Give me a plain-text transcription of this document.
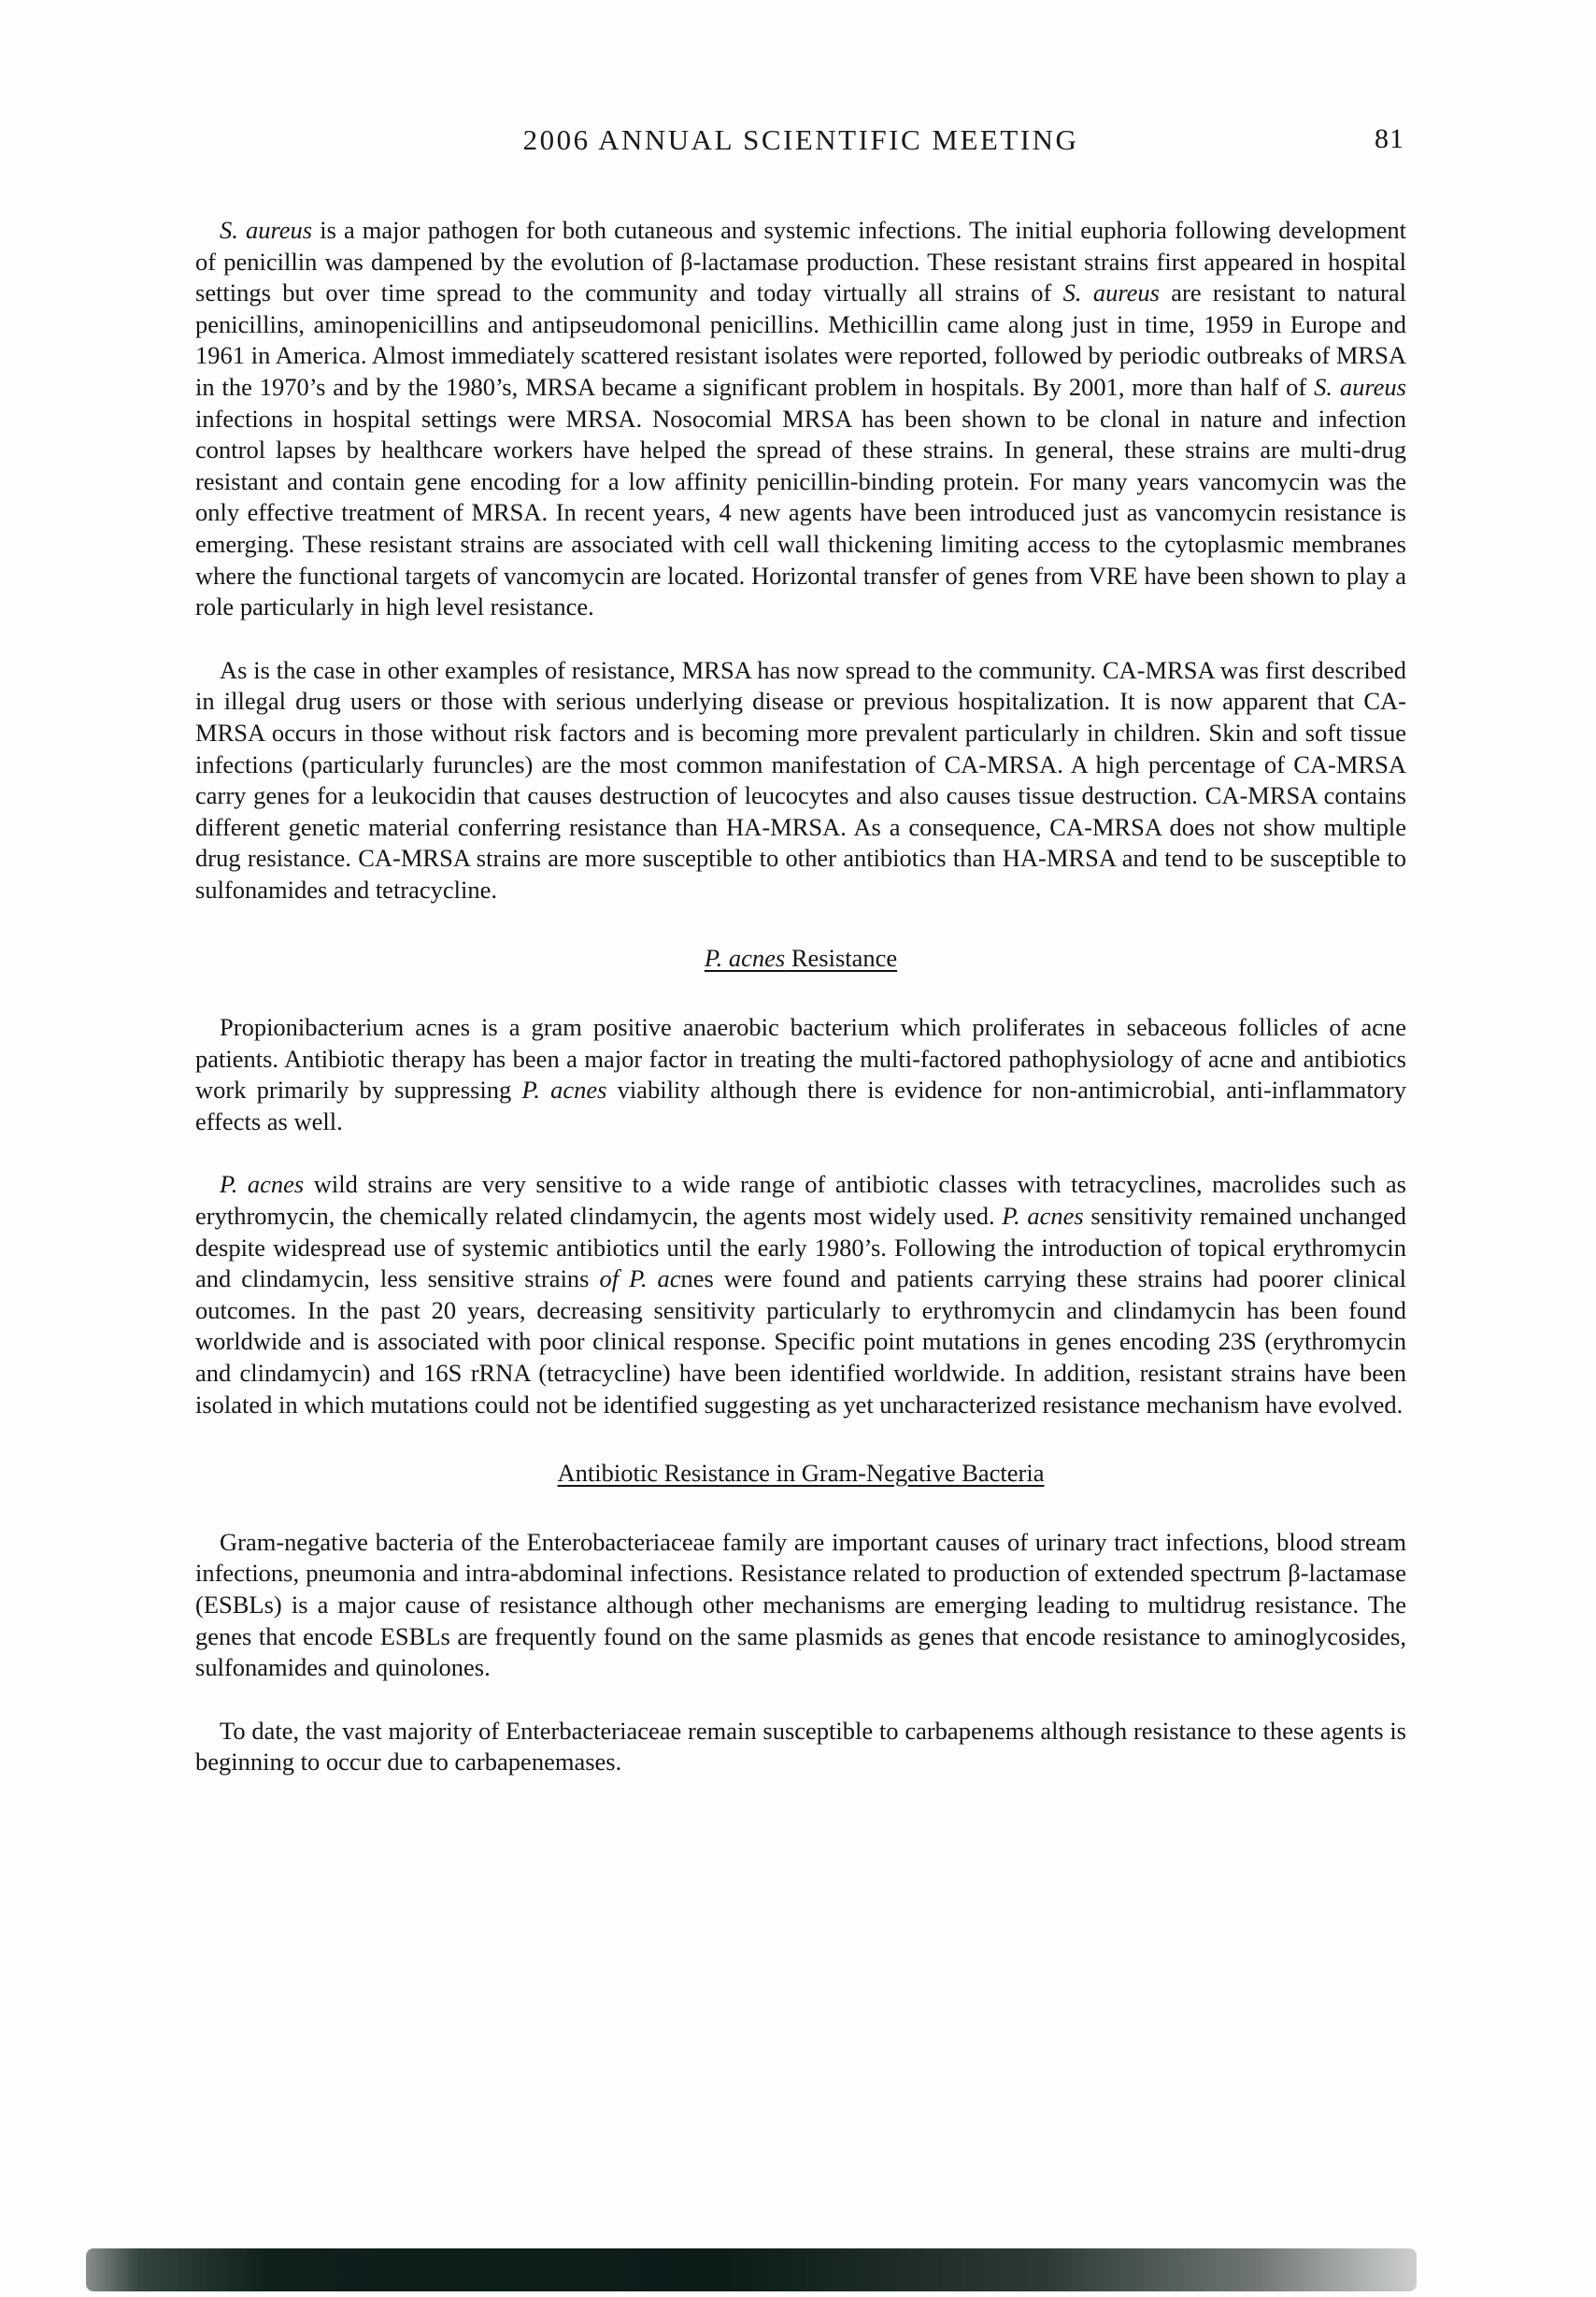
2006 ANNUAL SCIENTIFIC MEETING	81

S. aureus is a major pathogen for both cutaneous and systemic infections. The initial euphoria following development of penicillin was dampened by the evolution of β-lactamase production. These resistant strains first appeared in hospital settings but over time spread to the community and today virtually all strains of S. aureus are resistant to natural penicillins, aminopenicillins and antipseudomonal penicillins. Methicillin came along just in time, 1959 in Europe and 1961 in America. Almost immediately scattered resistant isolates were reported, followed by periodic outbreaks of MRSA in the 1970’s and by the 1980’s, MRSA became a significant problem in hospitals. By 2001, more than half of S. aureus infections in hospital settings were MRSA. Nosocomial MRSA has been shown to be clonal in nature and infection control lapses by healthcare workers have helped the spread of these strains. In general, these strains are multi-drug resistant and contain gene encoding for a low affinity penicillin-binding protein. For many years vancomycin was the only effective treatment of MRSA. In recent years, 4 new agents have been introduced just as vancomycin resistance is emerging. These resistant strains are associated with cell wall thickening limiting access to the cytoplasmic membranes where the functional targets of vancomycin are located. Horizontal transfer of genes from VRE have been shown to play a role particularly in high level resistance.

As is the case in other examples of resistance, MRSA has now spread to the community. CA-MRSA was first described in illegal drug users or those with serious underlying disease or previous hospitalization. It is now apparent that CA-MRSA occurs in those without risk factors and is becoming more prevalent particularly in children. Skin and soft tissue infections (particularly furuncles) are the most common manifestation of CA-MRSA. A high percentage of CA-MRSA carry genes for a leukocidin that causes destruction of leucocytes and also causes tissue destruction. CA-MRSA contains different genetic material conferring resistance than HA-MRSA. As a consequence, CA-MRSA does not show multiple drug resistance. CA-MRSA strains are more susceptible to other antibiotics than HA-MRSA and tend to be susceptible to sulfonamides and tetracycline.

P. acnes Resistance

Propionibacterium acnes is a gram positive anaerobic bacterium which proliferates in sebaceous follicles of acne patients. Antibiotic therapy has been a major factor in treating the multi-factored pathophysiology of acne and antibiotics work primarily by suppressing P. acnes viability although there is evidence for non-antimicrobial, anti-inflammatory effects as well.

P. acnes wild strains are very sensitive to a wide range of antibiotic classes with tetracyclines, macrolides such as erythromycin, the chemically related clindamycin, the agents most widely used. P. acnes sensitivity remained unchanged despite widespread use of systemic antibiotics until the early 1980’s. Following the introduction of topical erythromycin and clindamycin, less sensitive strains of P. acnes were found and patients carrying these strains had poorer clinical outcomes. In the past 20 years, decreasing sensitivity particularly to erythromycin and clindamycin has been found worldwide and is associated with poor clinical response. Specific point mutations in genes encoding 23S (erythromycin and clindamycin) and 16S rRNA (tetracycline) have been identified worldwide. In addition, resistant strains have been isolated in which mutations could not be identified suggesting as yet uncharacterized resistance mechanism have evolved.

Antibiotic Resistance in Gram-Negative Bacteria

Gram-negative bacteria of the Enterobacteriaceae family are important causes of urinary tract infections, blood stream infections, pneumonia and intra-abdominal infections. Resistance related to production of extended spectrum β-lactamase (ESBLs) is a major cause of resistance although other mechanisms are emerging leading to multidrug resistance. The genes that encode ESBLs are frequently found on the same plasmids as genes that encode resistance to aminoglycosides, sulfonamides and quinolones.

To date, the vast majority of Enterbacteriaceae remain susceptible to carbapenems although resistance to these agents is beginning to occur due to carbapenemases.
